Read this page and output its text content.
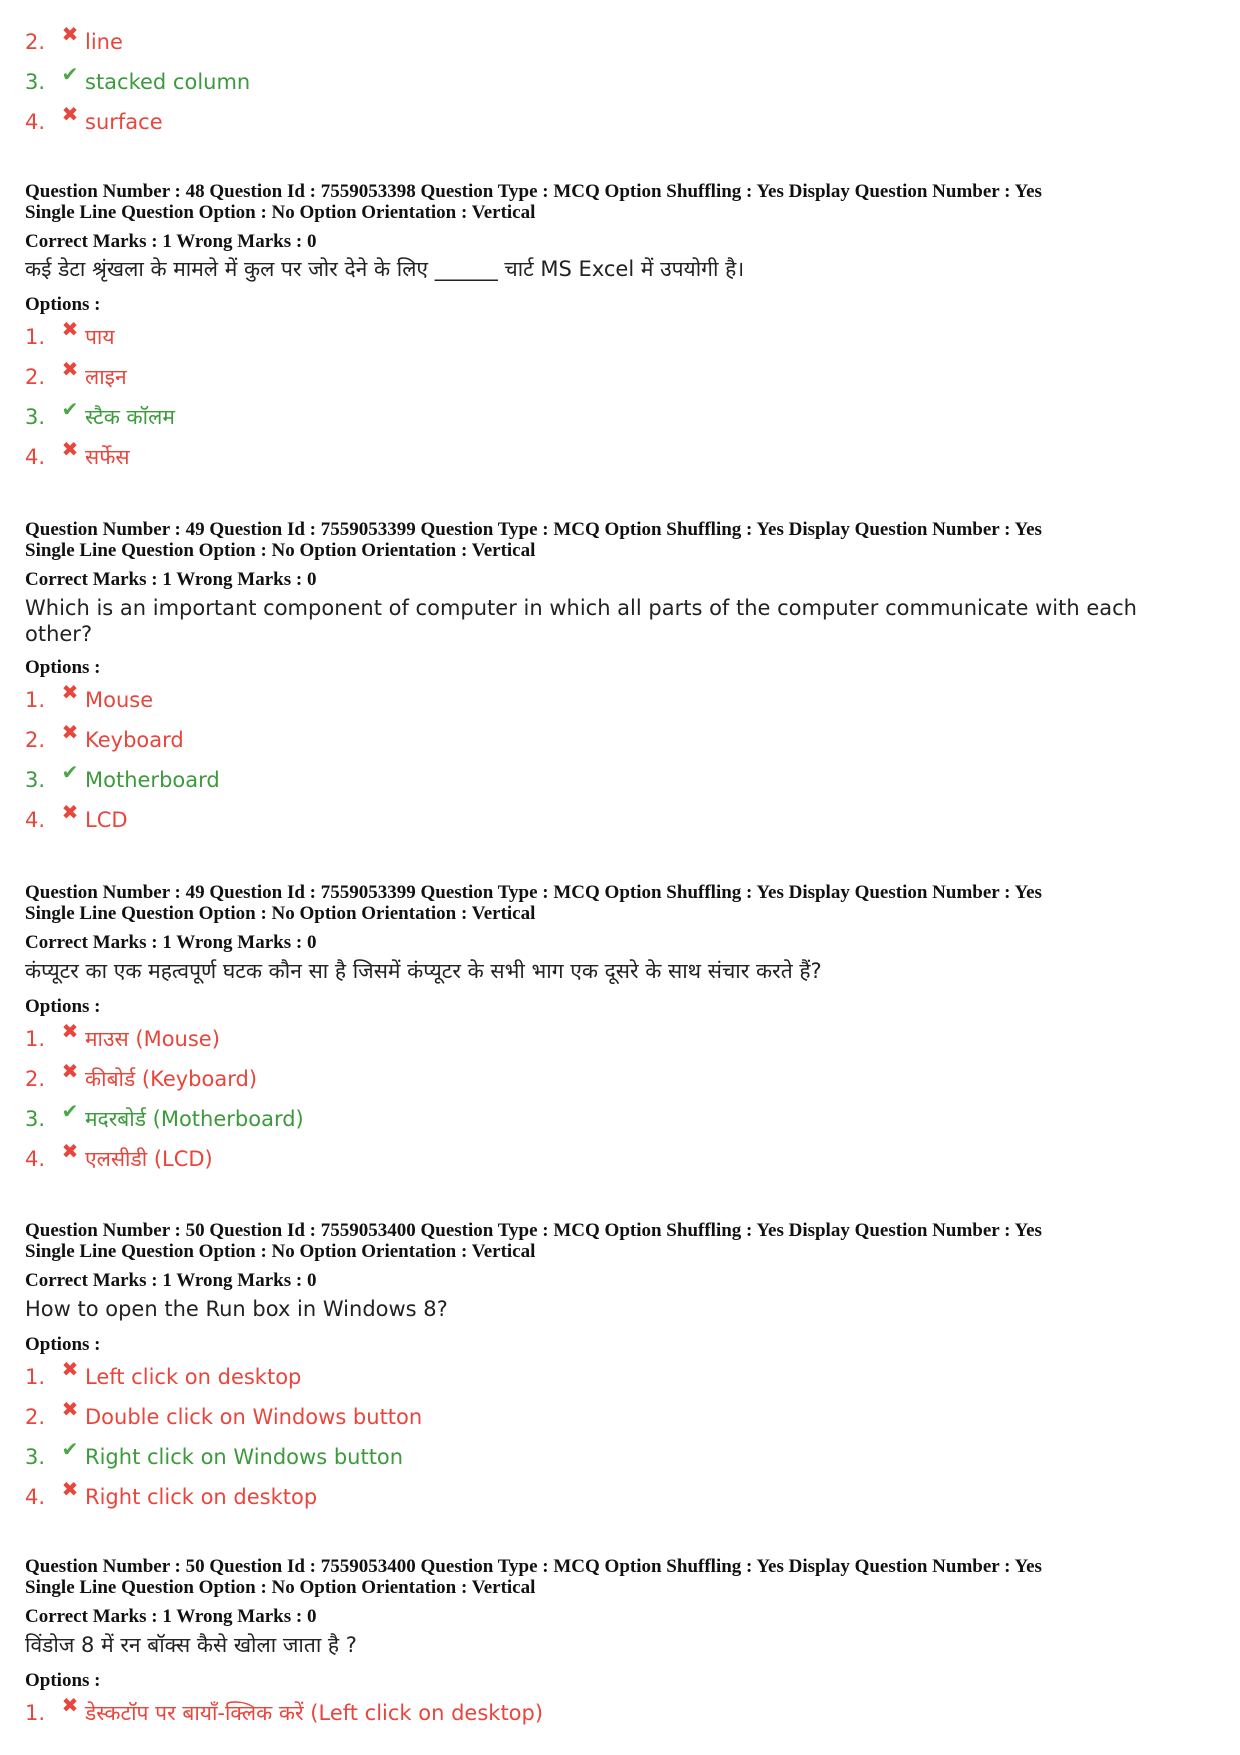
2. ✖ line
3. ✔ stacked column
4. ✖ surface
Question Number : 48 Question Id : 7559053398 Question Type : MCQ Option Shuffling : Yes Display Question Number : Yes
Single Line Question Option : No Option Orientation : Vertical
Correct Marks : 1 Wrong Marks : 0
कई डेटा श्रृंखला के मामले में कुल पर जोर देने के लिए ______ चार्ट MS Excel में उपयोगी है।
Options :
1. ✖ पाय
2. ✖ लाइन
3. ✔ स्टैक कॉलम
4. ✖ सर्फेस
Question Number : 49 Question Id : 7559053399 Question Type : MCQ Option Shuffling : Yes Display Question Number : Yes
Single Line Question Option : No Option Orientation : Vertical
Correct Marks : 1 Wrong Marks : 0
Which is an important component of computer in which all parts of the computer communicate with each other?
Options :
1. ✖ Mouse
2. ✖ Keyboard
3. ✔ Motherboard
4. ✖ LCD
Question Number : 49 Question Id : 7559053399 Question Type : MCQ Option Shuffling : Yes Display Question Number : Yes
Single Line Question Option : No Option Orientation : Vertical
Correct Marks : 1 Wrong Marks : 0
कंप्यूटर का एक महत्वपूर्ण घटक कौन सा है जिसमें कंप्यूटर के सभी भाग एक दूसरे के साथ संचार करते हैं?
Options :
1. ✖ माउस (Mouse)
2. ✖ कीबोर्ड (Keyboard)
3. ✔ मदरबोर्ड (Motherboard)
4. ✖ एलसीडी (LCD)
Question Number : 50 Question Id : 7559053400 Question Type : MCQ Option Shuffling : Yes Display Question Number : Yes
Single Line Question Option : No Option Orientation : Vertical
Correct Marks : 1 Wrong Marks : 0
How to open the Run box in Windows 8?
Options :
1. ✖ Left click on desktop
2. ✖ Double click on Windows button
3. ✔ Right click on Windows button
4. ✖ Right click on desktop
Question Number : 50 Question Id : 7559053400 Question Type : MCQ Option Shuffling : Yes Display Question Number : Yes
Single Line Question Option : No Option Orientation : Vertical
Correct Marks : 1 Wrong Marks : 0
विंडोज 8 में रन बॉक्स कैसे खोला जाता है ?
Options :
1. ✖ डेस्कटॉप पर बायाँ-क्लिक करें (Left click on desktop)
